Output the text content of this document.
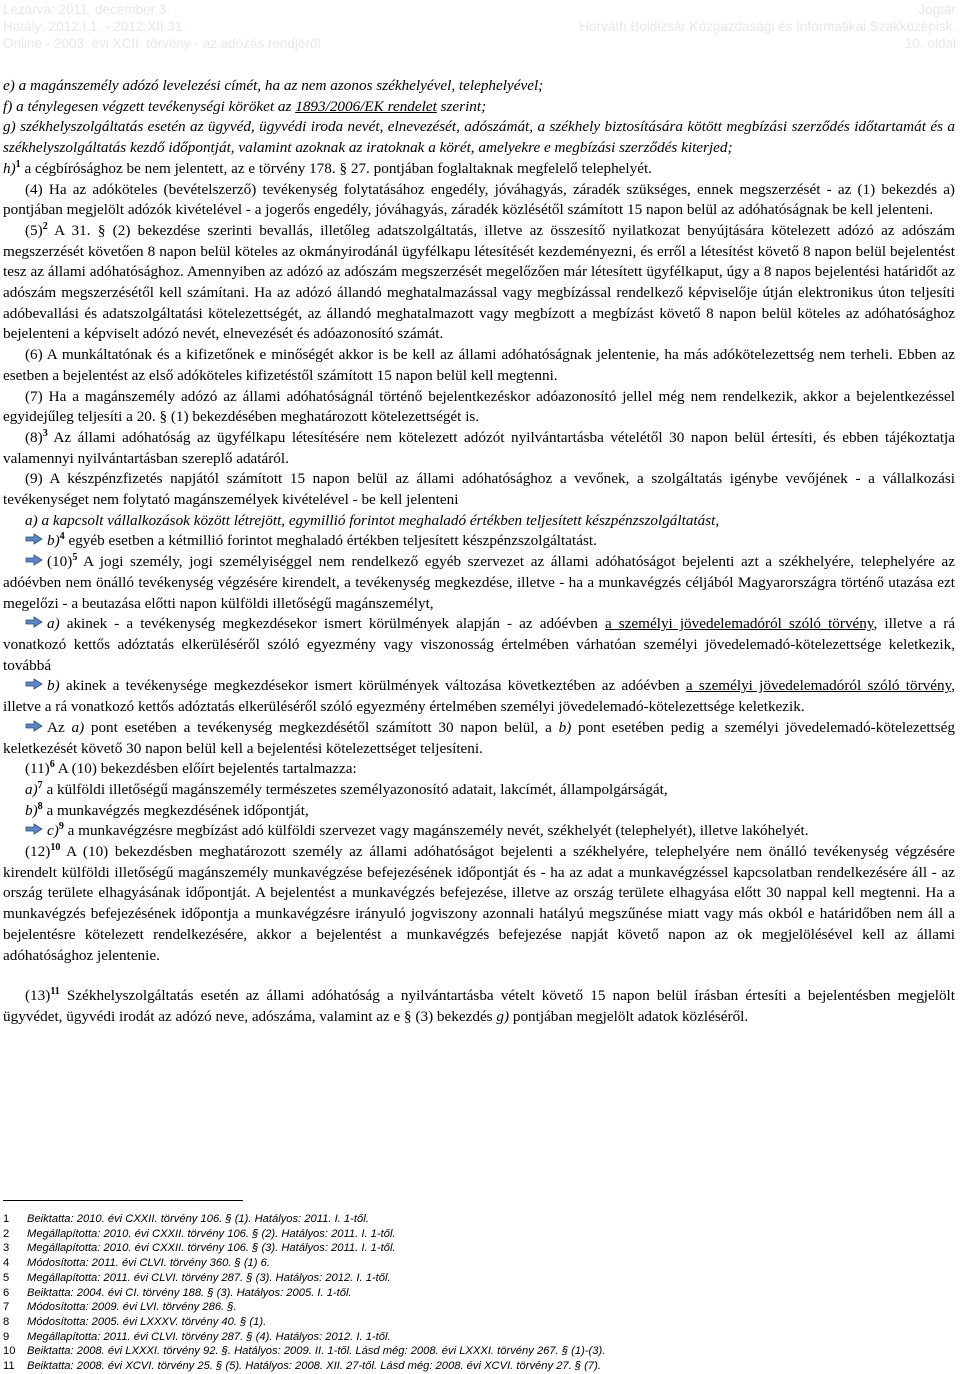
Lezárva: 2011. december 3.
Hatály: 2012.I.1. - 2012.XII.31.
Online - 2003. évi XCII. törvény - az adózás rendjéről
Jogtár
Horváth Boldizsár Közgazdasági és Informatikai Szakközépisk.
10. oldal

e) a magánszemély adózó levelezési címét, ha az nem azonos székhelyével, telephelyével;

f) a ténylegesen végzett tevékenységi köröket az 1893/2006/EK rendelet szerint;

g) székhelyszolgáltatás esetén az ügyvéd, ügyvédi iroda nevét, elnevezését, adószámát, a székhely biztosítására kötött megbízási szerződés időtartamát és a székhelyszolgáltatás kezdő időpontját, valamint azoknak az iratoknak a körét, amelyekre e megbízási szerződés kiterjed;

h)$^1$ a cégbírósághoz be nem jelentett, az e törvény 178. § 27. pontjában foglaltaknak megfelelő telephelyét.

(4) Ha az adóköteles (bevételszerző) tevékenység folytatásához engedély, jóváhagyás, záradék szükséges, ennek megszerzését - az (1) bekezdés a) pontjában megjelölt adózók kivételével - a jogerős engedély, jóváhagyás, záradék közlésétől számított 15 napon belül az adóhatóságnak be kell jelenteni.

$(5)^2$ A 31. § (2) bekezdése szerinti bevallás, illetőleg adatszolgáltatás, illetve az összesítő nyilatkozat benyújtására kötelezett adózó az adószám megszerzését követően 8 napon belül köteles az okmányirodánál ügyfélkapu létesítését kezdeményezni, és erről a létesítést követő 8 napon belül bejelentést tesz az állami adóhatósághoz. Amennyiben az adózó az adószám megszerzését megelőzően már létesített ügyfélkaput, úgy a 8 napos bejelentési határidőt az adószám megszerzésétől kell számítani. Ha az adózó állandó meghatalmazással vagy megbízással rendelkező képviselője útján elektronikus úton teljesíti adóbevallási és adatszolgáltatási kötelezettségét, az állandó meghatalmazott vagy megbízott a megbízást követő 8 napon belül köteles az adóhatósághoz bejelenteni a képviselt adózó nevét, elnevezését és adóazonosító számát.

(6) A munkáltatónak és a kifizetőnek e minőségét akkor is be kell az állami adóhatóságnak jelentenie, ha más adókötelezettség nem terheli. Ebben az esetben a bejelentést az első adóköteles kifizetéstől számított 15 napon belül kell megtenni.

(7) Ha a magánszemély adózó az állami adóhatóságnál történő bejelentkezéskor adóazonosító jellel még nem rendelkezik, akkor a bejelentkezéssel egyidejűleg teljesíti a 20. § (1) bekezdésében meghatározott kötelezettségét is.

$(8)^3$ Az állami adóhatóság az ügyfélkapu létesítésére nem kötelezett adózót nyilvántartásba vételétől 30 napon belül értesíti, és ebben tájékoztatja valamennyi nyilvántartásban szereplő adatáról.

(9) A készpénzfizetés napjától számított 15 napon belül az állami adóhatósághoz a vevőnek, a szolgáltatás igénybe vevőjének - a vállalkozási tevékenységet nem folytató magánszemélyek kivételével - be kell jelenteni

a) a kapcsolt vállalkozások között létrejött, egymillió forintot meghaladó értékben teljesített készpénzszolgáltatást,

b)$^4$ egyéb esetben a kétmillió forintot meghaladó értékben teljesített készpénzszolgáltatást.

$(10)^5$ A jogi személy, jogi személyiséggel nem rendelkező egyéb szervezet az állami adóhatóságot bejelenti azt a székhelyére, telephelyére az adóévben nem önálló tevékenység végzésére kirendelt, a tevékenység megkezdése, illetve - ha a munkavégzés céljából Magyarországra történő utazása ezt megelőzi - a beutazása előtti napon külföldi illetőségű magánszemélyt,

a) akinek - a tevékenység megkezdésekor ismert körülmények alapján - az adóévben a személyi jövedelemadóról szóló törvény, illetve a rá vonatkozó kettős adóztatás elkerüléséről szóló egyezmény vagy viszonosság értelmében várhatóan személyi jövedelemadó-kötelezettsége keletkezik, továbbá

b) akinek a tevékenysége megkezdésekor ismert körülmények változása következtében az adóévben a személyi jövedelemadóról szóló törvény, illetve a rá vonatkozó kettős adóztatás elkerüléséről szóló egyezmény értelmében személyi jövedelemadó-kötelezettsége keletkezik.

Az a) pont esetében a tevékenység megkezdésétől számított 30 napon belül, a b) pont esetében pedig a személyi jövedelemadó-kötelezettség keletkezését követő 30 napon belül kell a bejelentési kötelezettséget teljesíteni.

$(11)^6$ A (10) bekezdésben előírt bejelentés tartalmazza:

a)$^7$ a külföldi illetőségű magánszemély természetes személyazonosító adatait, lakcímét, állampolgárságát,

b)$^8$ a munkavégzés megkezdésének időpontját,

c)$^9$ a munkavégzésre megbízást adó külföldi szervezet vagy magánszemély nevét, székhelyét (telephelyét), illetve lakóhelyét.

$(12)^{10}$ A (10) bekezdésben meghatározott személy az állami adóhatóságot bejelenti a székhelyére, telephelyére nem önálló tevékenység végzésére kirendelt külföldi illetőségű magánszemély munkavégzése befejezésének időpontját és - ha az adat a munkavégzéssel kapcsolatban rendelkezésére áll - az ország területe elhagyásának időpontját. A bejelentést a munkavégzés befejezése, illetve az ország területe elhagyása előtt 30 nappal kell megtenni. Ha a munkavégzés befejezésének időpontja a munkavégzésre irányuló jogviszony azonnali hatályú megszűnése miatt vagy más okból e határidőben nem áll a bejelentésre kötelezett rendelkezésére, akkor a bejelentést a munkavégzés befejezése napját követő napon az ok megjelölésével kell az állami adóhatósághoz jelentenie.

$(13)^{11}$ Székhelyszolgáltatás esetén az állami adóhatóság a nyilvántartásba vételt követő 15 napon belül írásban értesíti a bejelentésben megjelölt ügyvédet, ügyvédi irodát az adózó neve, adószáma, valamint az e § (3) bekezdés g) pontjában megjelölt adatok közléséről.

1 Beiktatta: 2010. évi CXXII. törvény 106. § (1). Hatályos: 2011. I. 1-től.
2 Megállapította: 2010. évi CXXII. törvény 106. § (2). Hatályos: 2011. I. 1-től.
3 Megállapította: 2010. évi CXXII. törvény 106. § (3). Hatályos: 2011. I. 1-től.
4 Módosította: 2011. évi CLVI. törvény 360. § (1) 6.
5 Megállapította: 2011. évi CLVI. törvény 287. § (3). Hatályos: 2012. I. 1-től.
6 Beiktatta: 2004. évi CI. törvény 188. § (3). Hatályos: 2005. I. 1-től.
7 Módosította: 2009. évi LVI. törvény 286. §.
8 Módosította: 2005. évi LXXXV. törvény 40. § (1).
9 Megállapította: 2011. évi CLVI. törvény 287. § (4). Hatályos: 2012. I. 1-től.
10 Beiktatta: 2008. évi LXXXI. törvény 92. §. Hatályos: 2009. II. 1-től. Lásd még: 2008. évi LXXXI. törvény 267. § (1)-(3).
11 Beiktatta: 2008. évi XCVI. törvény 25. § (5). Hatályos: 2008. XII. 27-től. Lásd még: 2008. évi XCVI. törvény 27. § (7).
